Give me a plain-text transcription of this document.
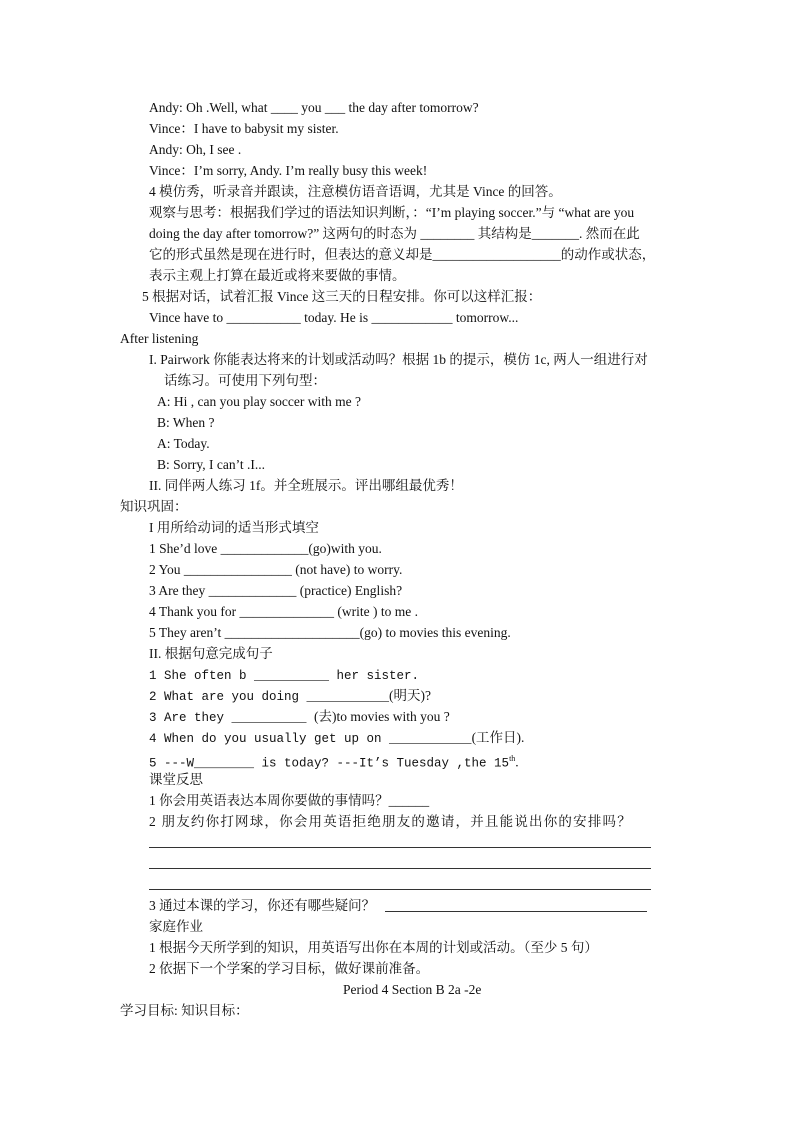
Andy: Oh .Well, what ____ you ___ the day after tomorrow?
Vince：I have to babysit my sister.
Andy: Oh, I see .
Vince：I’m sorry, Andy. I’m really busy this week!
4 模仿秀，听录音并跟读，注意模仿语音语调，尤其是 Vince 的回答。
观察与思考：根据我们学过的语法知识判断，：“I’m playing soccer.”与 “what are you
doing the day after tomorrow?” 这两句的时态为 ________ 其结构是_______. 然而在此
它的形式虽然是现在进行时，但表达的意义却是___________________的动作或状态，
表示主观上打算在最近或将来要做的事情。
5 根据对话，试着汇报 Vince 这三天的日程安排。你可以这样汇报：
Vince have to ___________ today. He is ____________ tomorrow...
After listening
I. Pairwork 你能表达将来的计划或活动吗？根据 1b 的提示，模仿 1c, 两人一组进行对
话练习。可使用下列句型：
A: Hi , can you play soccer with me ?
B: When ?
A: Today.
B: Sorry, I can’t .I...
II. 同伴两人练习 1f。并全班展示。评出哪组最优秀！
知识巩固：
I 用所给动词的适当形式填空
1 She’d love _____________(go)with you.
2 You ________________ (not have) to worry.
3 Are they _____________ (practice) English?
4 Thank you for ______________ (write ) to me .
5 They aren’t ____________________(go) to movies this evening.
II. 根据句意完成句子
1 She often b __________ her sister.
2 What are you doing ___________(明天)?
3 Are they __________ (去)to movies with you ?
4 When do you usually get up on ___________(工作日).
5 ---W________ is today? ---It’s Tuesday ,the 15th.
课堂反思
1 你会用英语表达本周你要做的事情吗？______
2 朋友约你打网球，你会用英语拒绝朋友的邀请，并且能说出你的安排吗？
3 通过本课的学习，你还有哪些疑问？
家庭作业
1 根据今天所学到的知识，用英语写出你在本周的计划或活动。（至少 5 句）
2 依据下一个学案的学习目标，做好课前准备。
Period 4 Section B 2a -2e
学习目标: 知识目标：
